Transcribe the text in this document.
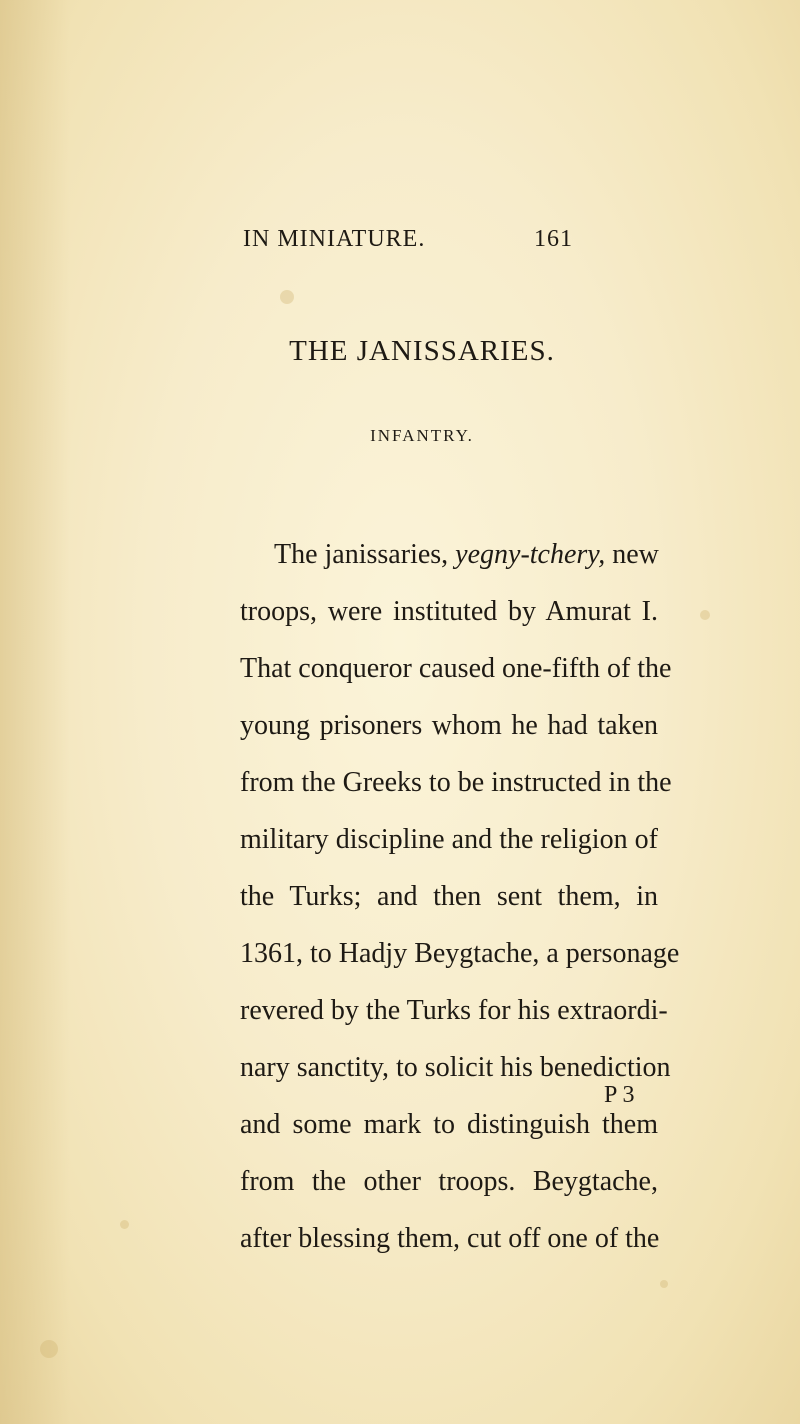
IN MINIATURE.	161
THE JANISSARIES.
INFANTRY.
The janissaries, yegny-tchery, new
troops, were instituted by Amurat I.
That conqueror caused one-fifth of the
young prisoners whom he had taken
from the Greeks to be instructed in the
military discipline and the religion of
the Turks; and then sent them, in
1361, to Hadjy Beygtache, a personage
revered by the Turks for his extraordi-
nary sanctity, to solicit his benediction
and some mark to distinguish them
from the other troops. Beygtache,
after blessing them, cut off one of the
P 3
